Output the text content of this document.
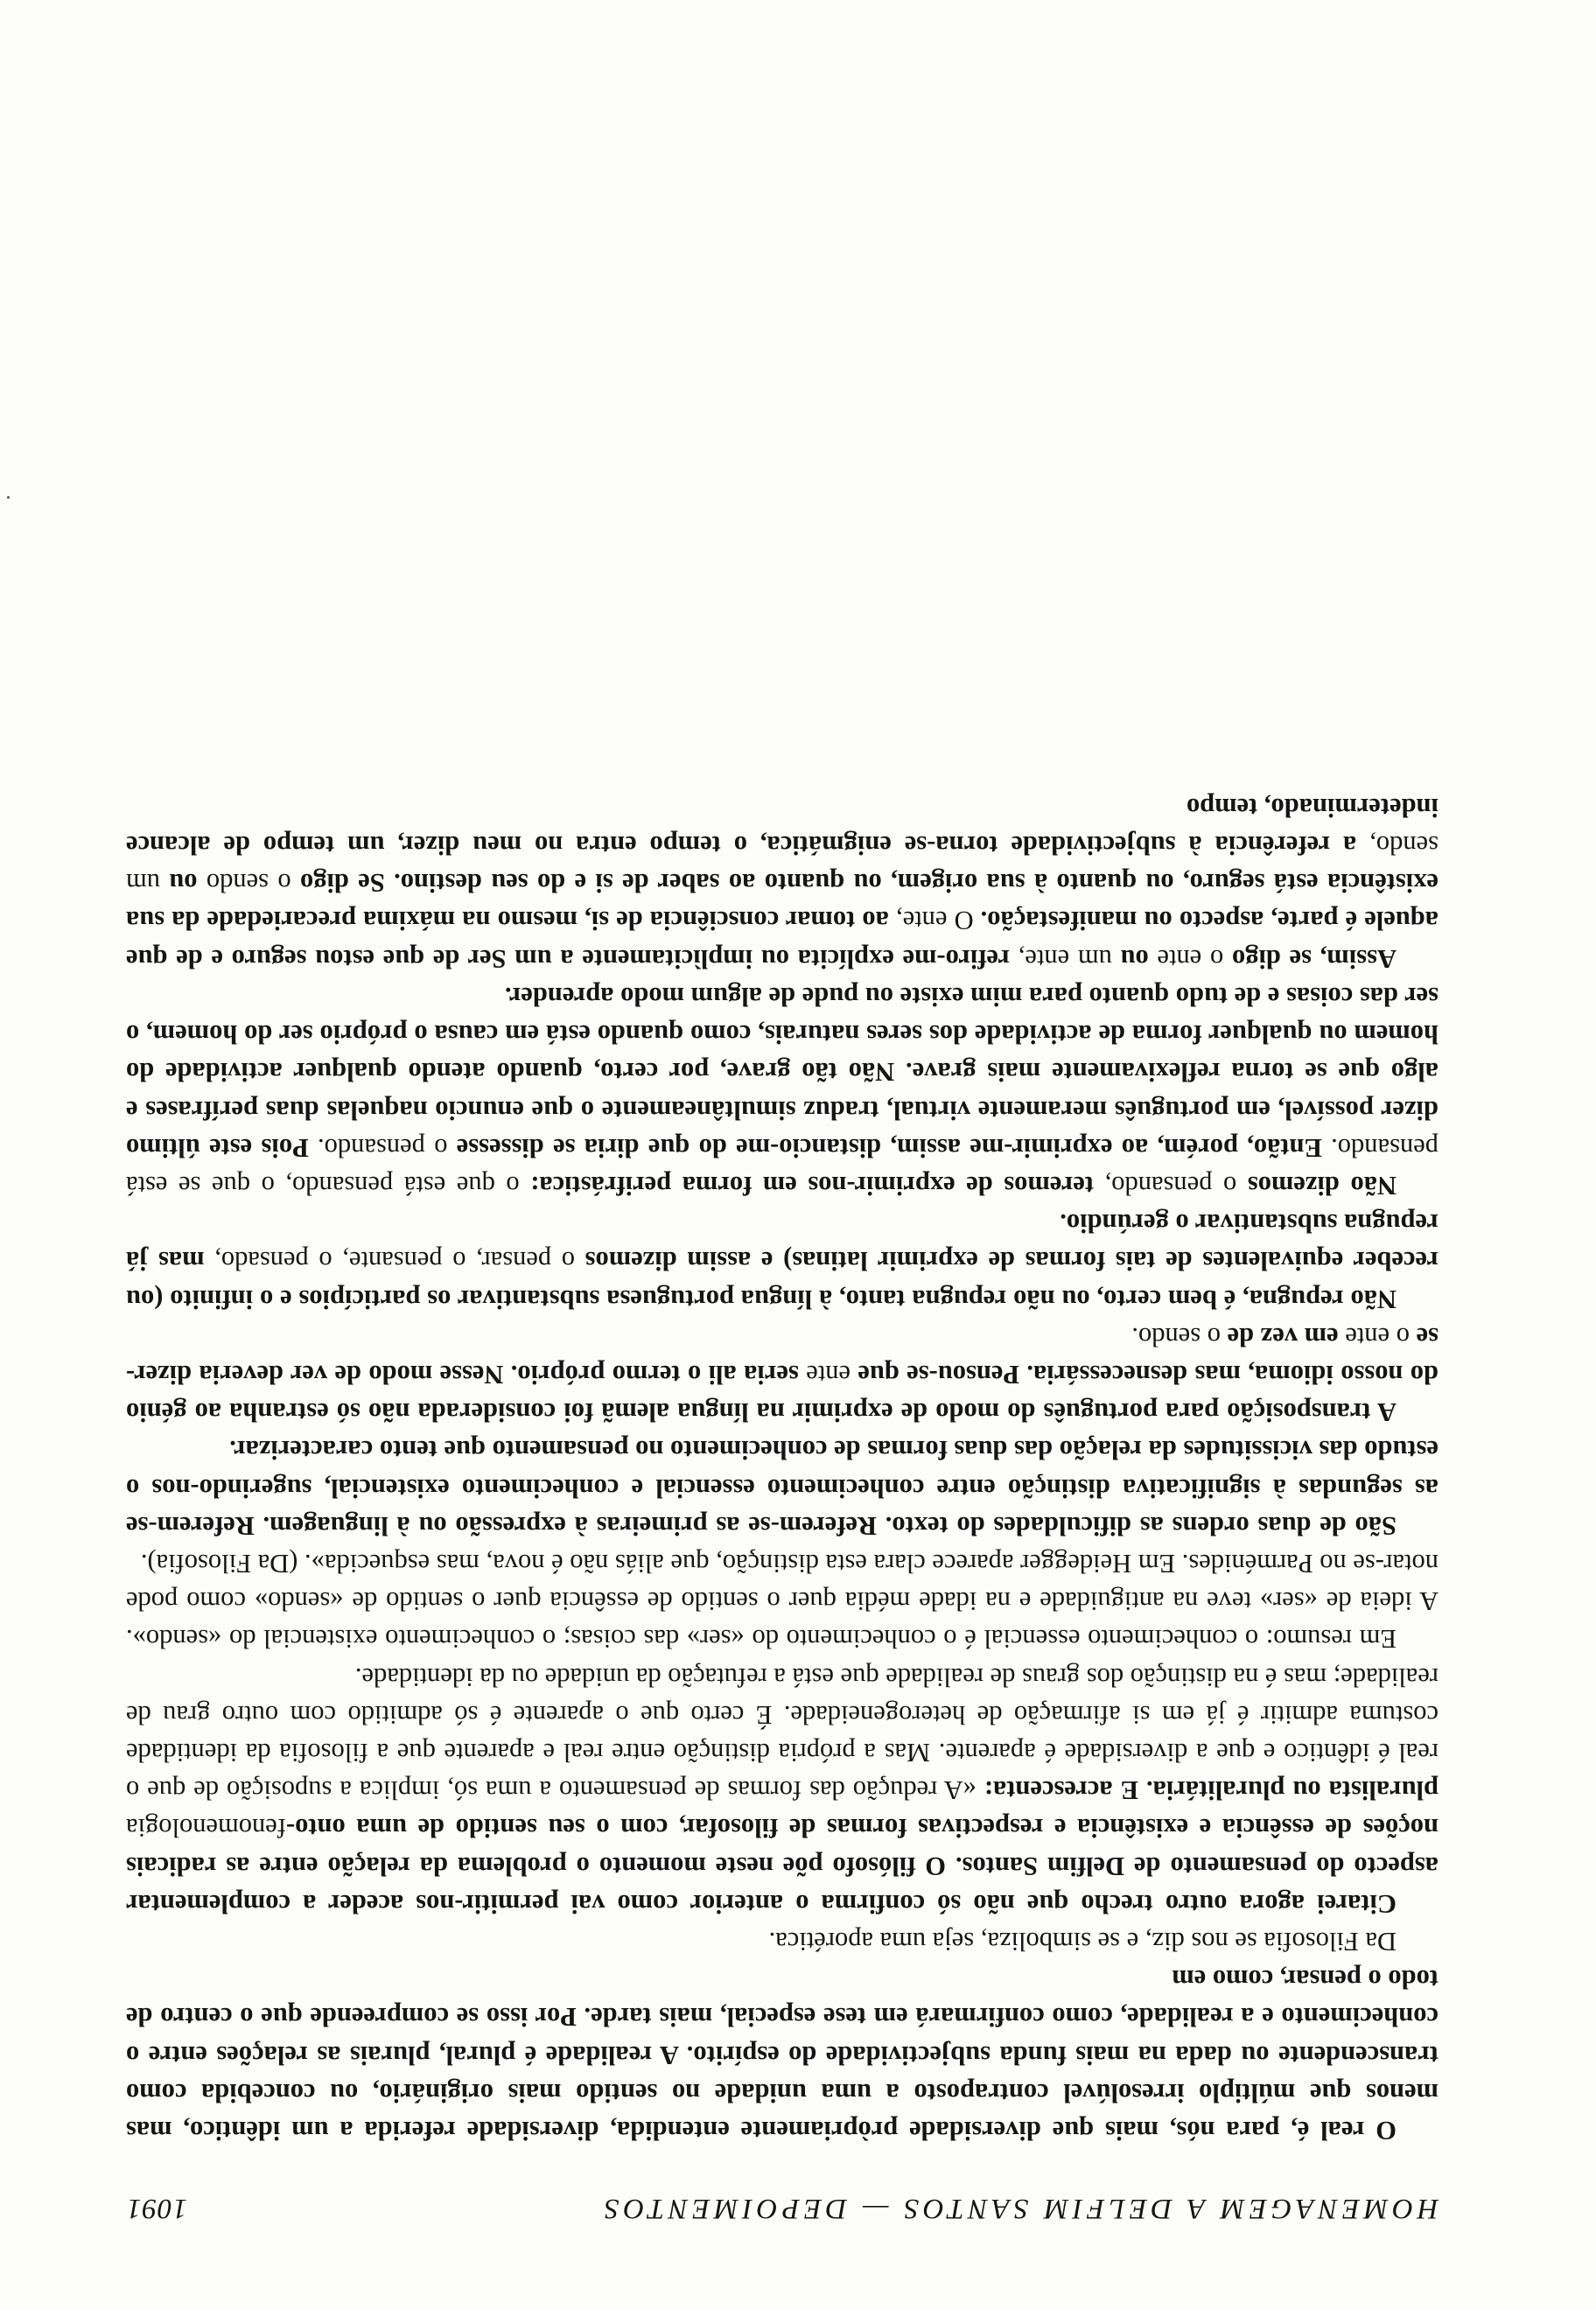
HOMENAGEM A DELFIM SANTOS — DEPOIMENTOS
1091

O real é, para nós, mais que diversidade pròpriamente entendida, diversidade referida a um idêntico, mas menos que múltiplo irresolúvel contraposto a uma unidade no sentido mais originário, ou concebida como transcendente ou dada na mais funda subjectividade do espírito. A realidade é plural, plurais as relações entre o conhecimento e a realidade, como confirmará em tese especial, mais tarde. Por isso se compreende que o centro de todo o pensar, como em

Da Filosofia se nos diz, e se simboliza, seja uma aporética.

Citarei agora outro trecho que não só confirma o anterior como vai permitir-nos aceder a complementar aspecto do pensamento de Delfim Santos. O filósofo põe neste momento o problema da relação entre as radicais noções de essência e existência e respectivas formas de filosofar, com o seu sentido de uma onto-fenomenologia pluralista ou pluralitária. E acrescenta: «A redução das formas de pensamento a uma só, implica a suposição de que o real é idêntico e que a diversidade é aparente. Mas a própria distinção entre real e aparente que a filosofia da identidade costuma admitir é já em si afirmação de heterogeneidade. É certo que o aparente é só admitido com outro grau de realidade; mas é na distinção dos graus de realidade que está a refutação da unidade ou da identidade.

Em resumo: o conhecimento essencial é o conhecimento do «ser» das coisas; o conhecimento existencial do «sendo». A ideia de «ser» teve na antiguidade e na idade média quer o sentido de essência quer o sentido de «sendo» como pode notar-se no Parménides. Em Heidegger aparece clara esta distinção, que aliás não é nova, mas esquecida». (Da Filosofia).

São de duas ordens as dificuldades do texto. Referem-se as primeiras à expressão ou à linguagem. Referem-se as segundas à significativa distinção entre conhecimento essencial e conhecimento existencial, sugerindo-nos o estudo das vicissitudes da relação das duas formas de conhecimento no pensamento que tento caracterizar.

A transposição para português do modo de exprimir na língua alemã foi considerada não só estranha ao génio do nosso idioma, mas desnecessária. Pensou-se que ente seria ali o termo próprio. Nesse modo de ver deveria dizer-se o ente em vez de o sendo.

Não repugna, é bem certo, ou não repugna tanto, à língua portuguesa substantivar os particípios e o infinito (ou receber equivalentes de tais formas de exprimir latinas) e assim dizemos o pensar, o pensante, o pensado, mas já repugna substantivar o gerúndio.

Não dizemos o pensando, teremos de exprimir-nos em forma perifrástica: o que está pensando, o que se está pensando. Então, porém, ao exprimir-me assim, distancio-me do que diria se dissesse o pensando. Pois este último dizer possível, em português meramente virtual, traduz simultâneamente o que enuncio naquelas duas perífrases e algo que se torna reflexivamente mais grave. Não tão grave, por certo, quando atendo qualquer actividade do homem ou qualquer forma de actividade dos seres naturais, como quando está em causa o próprio ser do homem, o ser das coisas e de tudo quanto para mim existe ou pude de algum modo aprender.

Assim, se digo o ente ou um ente, refiro-me explícita ou implìcitamente a um Ser de que estou seguro e de que aquele é parte, aspecto ou manifestação. O ente, ao tomar consciência de si, mesmo na máxima precariedade da sua existência está seguro, ou quanto à sua origem, ou quanto ao saber de si e do seu destino. Se digo o sendo ou um sendo, a referência à subjectividade torna-se enigmática, o tempo entra no meu dizer, um tempo de alcance indeterminado, tempo
